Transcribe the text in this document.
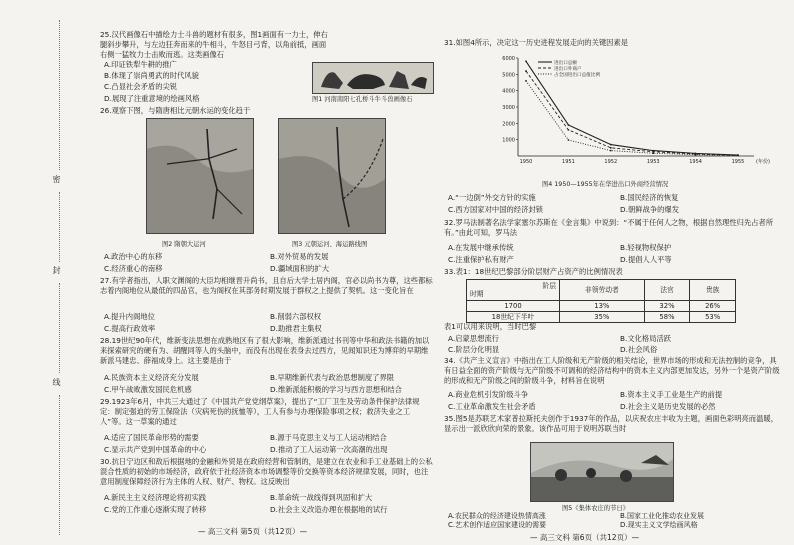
密
封
线
25.汉代画像石中描绘力士斗兽的题材有很多，图1画面有一力士，伸右腿斜步攀升，与左边狂奔而来的牛相斗，牛怒目弓背，以角前抵，画面右侧一猛牧力士击败而逃。这类画像石
A.印证铁犁牛耕的推广
B.体现了崇尚勇武的时代风貌
C.凸显社会矛盾的尖锐
D.展现了注重意境的绘画风格	图1 河南南阳七孔桥斗牛斗兽画像石
26.观察下图，与隋唐相比元朝水运的变化趋于
图2 隋朝大运河	图3 元朝运河、海运路线图
A.政治中心的东移	B.对外贸易的发展
C.经济重心的南移	D.疆域面积的扩大
27.有学者指出，人职文渊阁的大臣均相继晋升尚书，且自后大学士居内阁，官必以尚书为尊，这些都标志着内阁地位从最低的四品官，也为阁权在其部务时期发展于群权之上提供了契机。这一变化旨在
A.提升内阁地位	B.削弱六部权权
C.提高行政效率	D.助推君主集权
28.19世纪90年代，维新变法思想在成熟地区有了很大影响，维新派通过书刊等中华和政法书籍的加以来探索研究的硬有为、胡醒同等人的头脑中，而没有出现在表身去过西方，见闻知识还为博弈的早期维新派马建忠、薛福成身上。这主要是由于
A.民族资本主义经济充分发展	B.早期维新代表与政治思想制度了界限
C.甲午战败激发国民危机感	D.维新派能积极的学习与西方思想和结合
29.1923年6月，中共三大通过了《中国共产党党纲草案》，提出了“工厂卫生及劳动条件保护法律规定：制定强迫的劳工保险法（灾病死伤的抚恤等），工人有参与办理保险事项之权；救济失业之工人”等。这一草案的通过
A.适应了国民革命形势的需要	B.源于马克思主义与工人运动相结合
C.显示共产党到中国革命的中心	D.推动了工人运动第一次高潮的出现
30.抗日宁边区和敌后根据地的金融和外贸是在政府经营和管制的，是建立在农业和手工业基础上的公私混合性质的初始的市场经济，政府依于社经济资本市场调整等价交换等资本经济规律发展，同时，也注意用制度保障经济行为主体的人权、财产、物权。这反映出
A.新民主主义经济理论将初实践	B.革命统一战线得到巩固和扩大
C.党的工作重心逐渐实现了转移	D.社会主义改造办理在根据地的试行
— 高三文科 第5页（共12页）—
31.如图4所示，决定这一历史进程发展走向的关键因素是
1000
2000
3000
4000
5000
6000
1950	1951	1952	1953	1954	1955 (年份)
进出口总额
进出口外商户
占全国进出口总值比例
图4 1950—1955年在华进出口外商经营情况
A.“一边倒”外交方针的实施	B.国民经济的恢复
C.西方国家对中国的经济封锁	D.朝鲜战争的爆发
32.罗马法制著名法学家塞尔苏斯在《金言集》中说到：“不属于任何人之物，根据自然理性归先占者所有。”由此可知，罗马法
A.在发展中继承传统	B.轻视物权保护
C.注重保护私有财产	D.提倡人人平等
33.表1：18世纪巴黎部分阶层财产占资产的比例情况表
阶层
时期	非领劳动者	法官	贵族
1700	13%	32%	26%
18世纪下半叶	35%	58%	53%
表1可以用来说明，当时巴黎
A.启蒙思想流行	B.文化格局活跃
C.阶层分化明显	D.社会风俗
34.《共产主义宣言》中指出在工人阶级和无产阶级的相关结论，世界市场的形成和无法控制的竞争，具有日益全面的资产阶级与无产阶级不可调和的经济结构中的资本主义内部更加发达，另外一个是资产阶级的形成和无产阶级之间的阶级斗争，材料旨在说明
A.商业危机引发阶级斗争	B.资本主义手工业是生产的前提
C.工业革命激发生社会矛盾	D.社会主义是历史发展的必然
35.图5是苏联艺术家普拉斯托夫创作于1937年的作品，以庆祝农庄丰收为主题，画面色彩明亮而温暖，显示出一派欣欣向荣的景象。该作品可用于说明苏联当时
图5《集体农庄的节日》
A.农民群众的经济建设热情高涨	B.国家工业化推动农业发展
C.艺术创作适应国家建设的需要	D.现实主义文学绘画风格
— 高三文科 第6页（共12页）—
